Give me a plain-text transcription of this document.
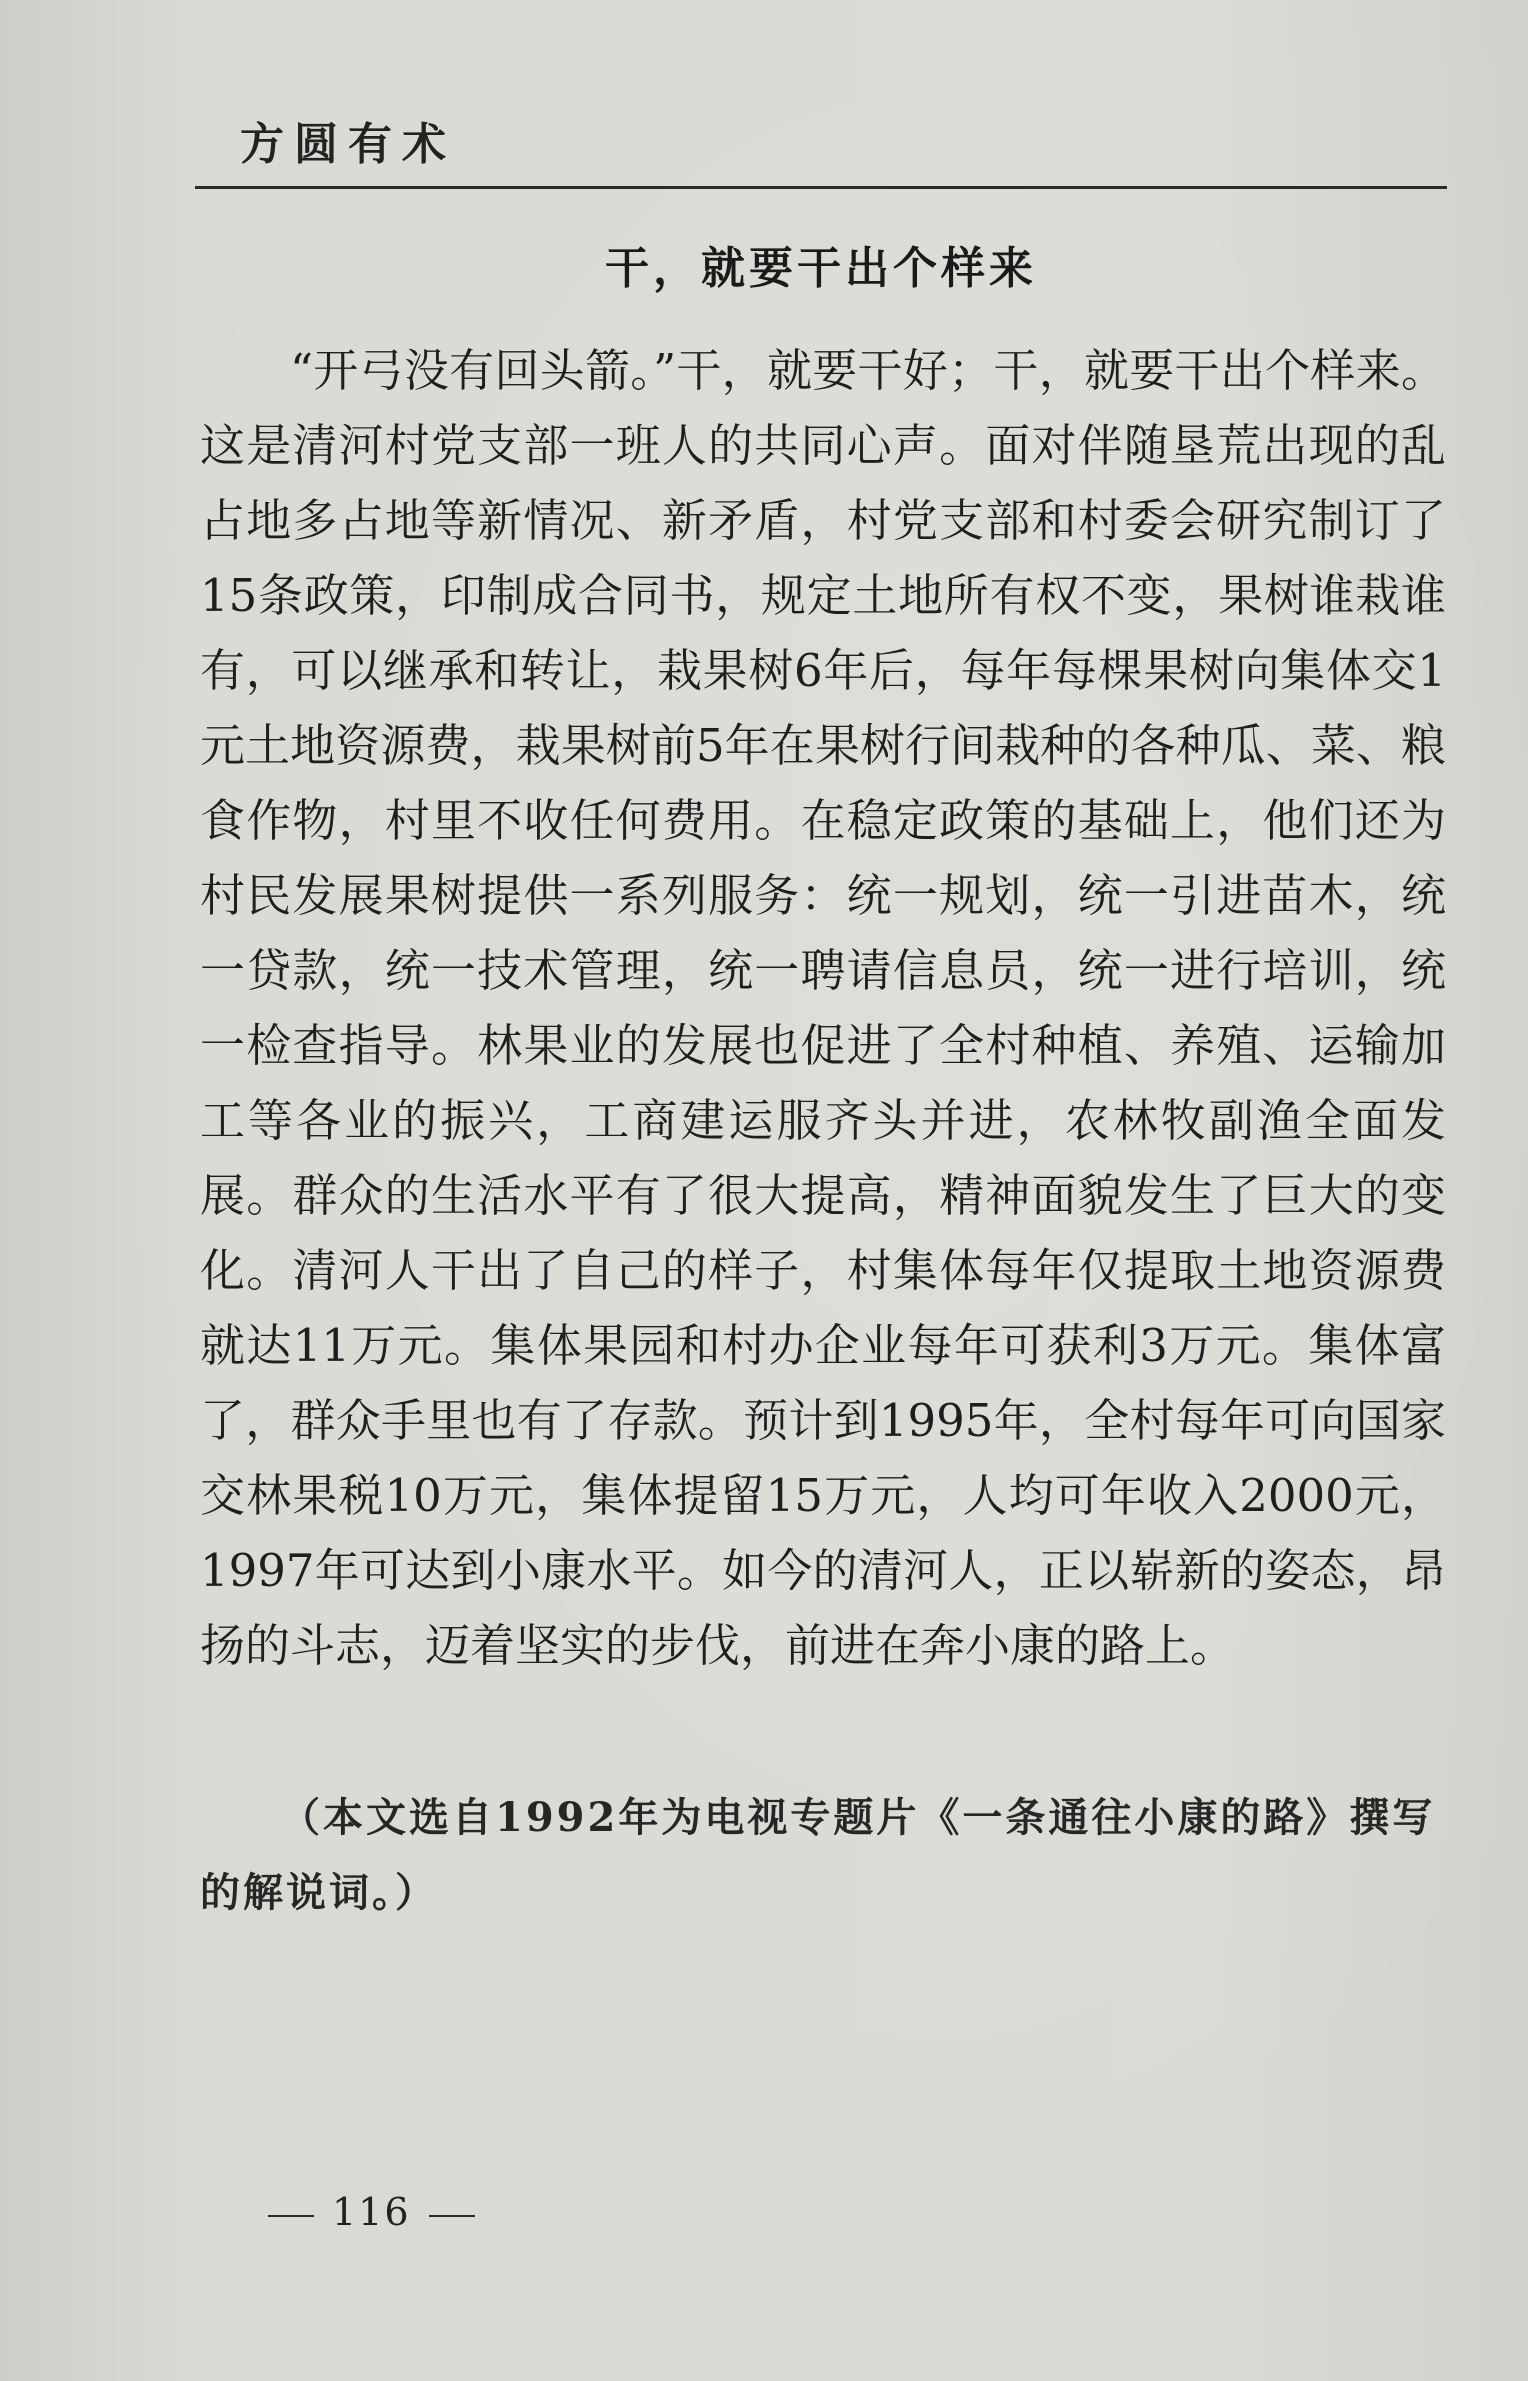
方圆有术
干，就要干出个样来

“开弓没有回头箭。”干，就要干好；干，就要干出个样来。这是清河村党支部一班人的共同心声。面对伴随垦荒出现的乱占地多占地等新情况、新矛盾，村党支部和村委会研究制订了15条政策，印制成合同书，规定土地所有权不变，果树谁栽谁有，可以继承和转让，栽果树6年后，每年每棵果树向集体交1元土地资源费，栽果树前5年在果树行间栽种的各种瓜、菜、粮食作物，村里不收任何费用。在稳定政策的基础上，他们还为村民发展果树提供一系列服务：统一规划，统一引进苗木，统一贷款，统一技术管理，统一聘请信息员，统一进行培训，统一检查指导。林果业的发展也促进了全村种植、养殖、运输加工等各业的振兴，工商建运服齐头并进，农林牧副渔全面发展。群众的生活水平有了很大提高，精神面貌发生了巨大的变化。清河人干出了自己的样子，村集体每年仅提取土地资源费就达11万元。集体果园和村办企业每年可获利3万元。集体富了，群众手里也有了存款。预计到1995年，全村每年可向国家交林果税10万元，集体提留15万元，人均可年收入2000元，1997年可达到小康水平。如今的清河人，正以崭新的姿态，昂扬的斗志，迈着坚实的步伐，前进在奔小康的路上。

（本文选自1992年为电视专题片《一条通往小康的路》撰写的解说词。）

116
